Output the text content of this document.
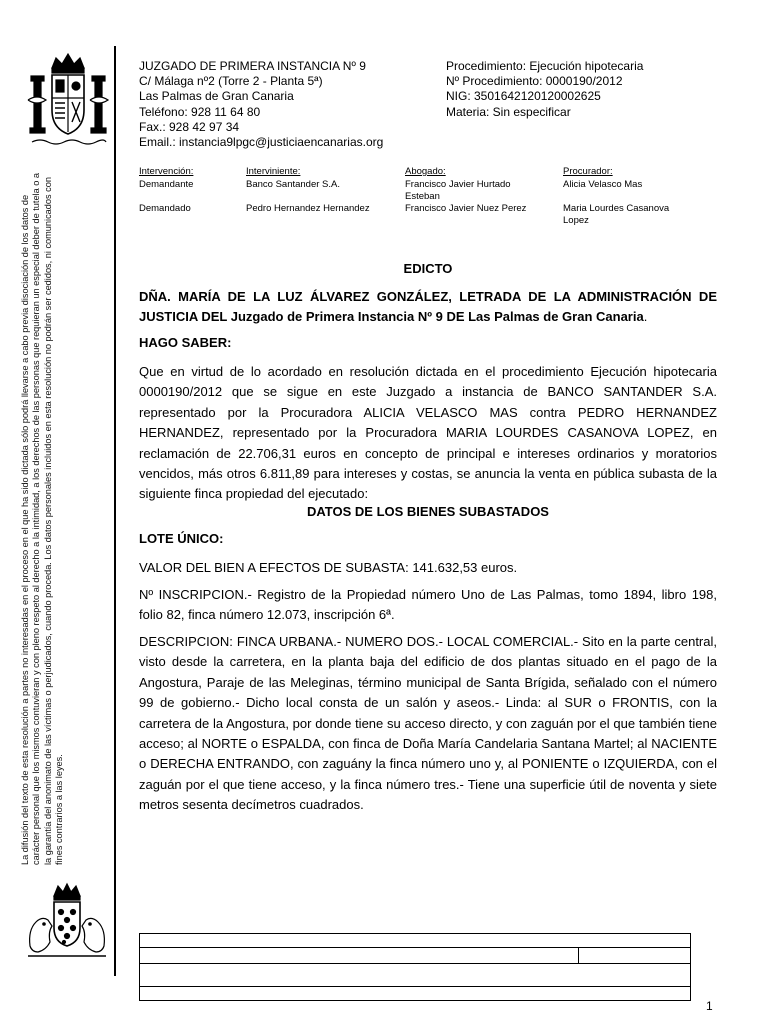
La difusión del texto de esta resolución a partes no interesadas en el proceso en el que ha sido dictada sólo podrá llevarse a cabo previa disociación de los datos de carácter personal que los mismos contuvieran y con pleno respeto al derecho a la intimidad, a los derechos de las personas que requieran un especial deber de tutela o a la garantía del anonimato de las víctimas o perjudicados, cuando proceda. Los datos personales incluidos en esta resolución no podrán ser cedidos, ni comunicados con fines contrarios a las leyes.
JUZGADO DE PRIMERA INSTANCIA Nº 9
C/ Málaga nº2 (Torre 2 - Planta 5ª)
Las Palmas de Gran Canaria
Teléfono: 928 11 64 80
Fax.: 928 42 97 34
Email.: instancia9lpgc@justiciaencanarias.org
Procedimiento: Ejecución hipotecaria
Nº Procedimiento: 0000190/2012
NIG: 3501642120120002625
Materia: Sin especificar
Intervención:	Interviniente:	Abogado:	Procurador:
Demandante	Banco Santander S.A.	Francisco Javier Hurtado	Alicia Velasco Mas
Esteban
Demandado	Pedro Hernandez Hernandez	Francisco Javier Nuez Perez	Maria Lourdes Casanova
Lopez
EDICTO

DÑA. MARÍA DE LA LUZ ÁLVAREZ GONZÁLEZ, LETRADA DE LA ADMINISTRACIÓN DE JUSTICIA DEL Juzgado de Primera Instancia Nº 9 DE Las Palmas de Gran Canaria.

HAGO SABER:

Que en virtud de lo acordado en resolución dictada en el procedimiento Ejecución hipotecaria 0000190/2012 que se sigue en este Juzgado a instancia de BANCO SANTANDER S.A. representado por la Procuradora ALICIA VELASCO MAS contra PEDRO HERNANDEZ HERNANDEZ, representado por la Procuradora MARIA LOURDES CASANOVA LOPEZ, en reclamación de 22.706,31 euros en concepto de principal e intereses ordinarios y moratorios vencidos, más otros 6.811,89 para intereses y costas, se anuncia la venta en pública subasta de la siguiente finca propiedad del ejecutado:

DATOS DE LOS BIENES SUBASTADOS

LOTE ÚNICO:

VALOR DEL BIEN A EFECTOS DE SUBASTA: 141.632,53 euros.

Nº INSCRIPCION.- Registro de la Propiedad número Uno de Las Palmas, tomo 1894, libro 198, folio 82, finca número 12.073, inscripción 6ª.

DESCRIPCION: FINCA URBANA.- NUMERO DOS.- LOCAL COMERCIAL.- Sito en la parte central, visto desde la carretera, en la planta baja del edificio de dos plantas situado en el pago de la Angostura, Paraje de las Meleginas, término municipal de Santa Brígida, señalado con el número 99 de gobierno.- Dicho local consta de un salón y aseos.- Linda: al SUR o FRONTIS, con la carretera de la Angostura, por donde tiene su acceso directo, y con zaguán por el que también tiene acceso; al NORTE o ESPALDA, con finca de Doña María Candelaria Santana Martel; al NACIENTE o DERECHA ENTRANDO, con zaguány la finca número uno y, al PONIENTE o IZQUIERDA, con el zaguán por el que tiene acceso, y la finca número tres.- Tiene una superficie útil de noventa y siete metros sesenta decímetros cuadrados.

1
